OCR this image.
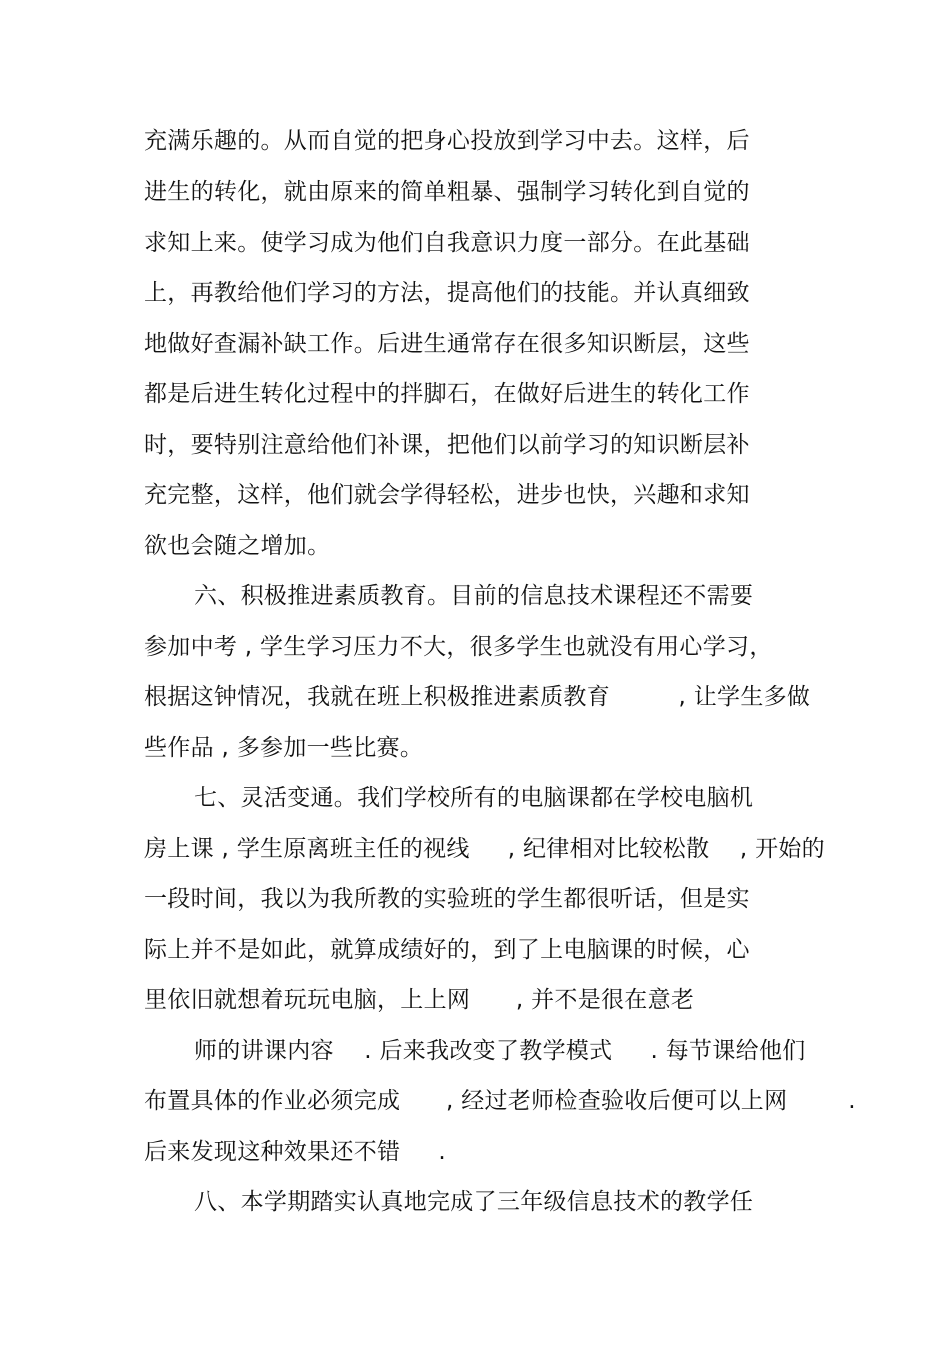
充满乐趣的。从而自觉的把身心投放到学习中去。这样，后
进生的转化，就由原来的简单粗暴、强制学习转化到自觉的
求知上来。使学习成为他们自我意识力度一部分。在此基础
上，再教给他们学习的方法，提高他们的技能。并认真细致
地做好查漏补缺工作。后进生通常存在很多知识断层，这些
都是后进生转化过程中的拌脚石，在做好后进生的转化工作
时，要特别注意给他们补课，把他们以前学习的知识断层补
充完整，这样，他们就会学得轻松，进步也快，兴趣和求知
欲也会随之增加。
六、积极推进素质教育。目前的信息技术课程还不需要
参加中考 , 学生学习压力不大，很多学生也就没有用心学习，
根据这钟情况，我就在班上积极推进素质教育         , 让学生多做
些作品 , 多参加一些比赛。
七、灵活变通。我们学校所有的电脑课都在学校电脑机
房上课 , 学生原离班主任的视线     , 纪律相对比较松散    , 开始的
一段时间，我以为我所教的实验班的学生都很听话，但是实
际上并不是如此，就算成绩好的，到了上电脑课的时候，心
里依旧就想着玩玩电脑，上上网      , 并不是很在意老
师的讲课内容    . 后来我改变了教学模式     . 每节课给他们
布置具体的作业必须完成      , 经过老师检查验收后便可以上网        .
后来发现这种效果还不错     .
八、本学期踏实认真地完成了三年级信息技术的教学任
